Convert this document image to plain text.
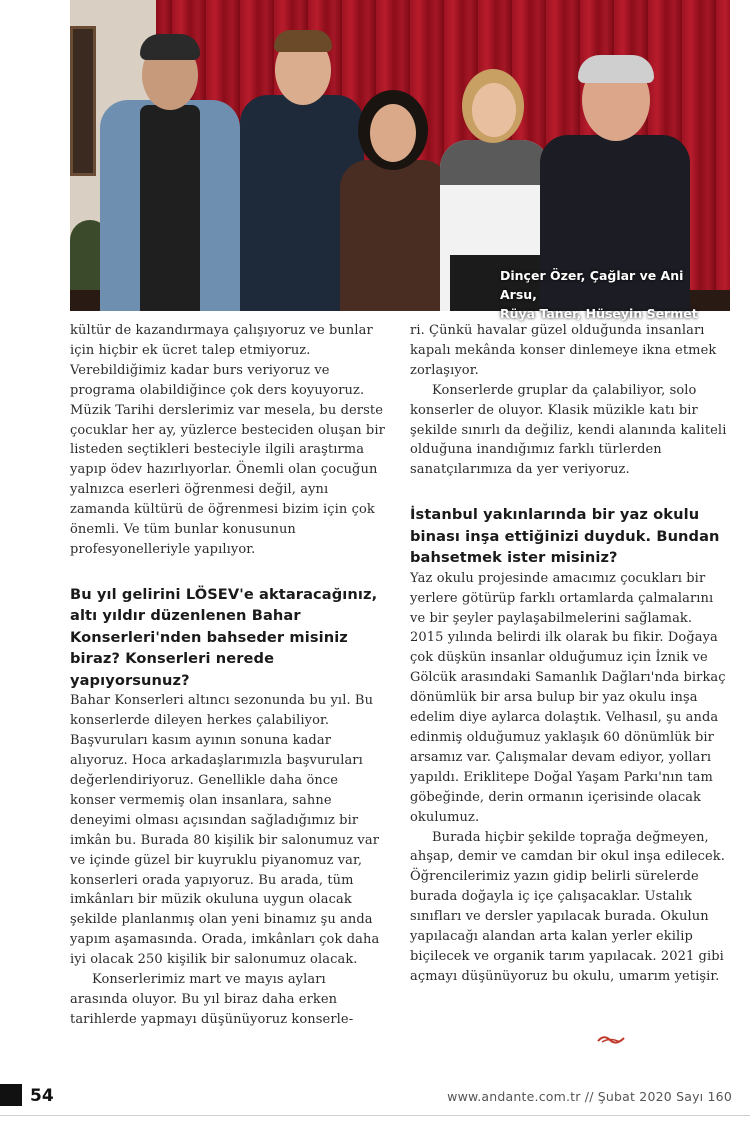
Dinçer Özer, Çağlar ve Ani Arsu,
Rüya Taner, Hüseyin Sermet

kültür de kazandırmaya çalışıyoruz ve bunlar için hiçbir ek ücret talep etmiyoruz. Verebildiğimiz kadar burs veriyoruz ve programa olabildiğince çok ders koyuyoruz. Müzik Tarihi derslerimiz var mesela, bu derste çocuklar her ay, yüzlerce besteciden oluşan bir listeden seçtikleri besteciyle ilgili araştırma yapıp ödev hazırlıyorlar. Önemli olan çocuğun yalnızca eserleri öğrenmesi değil, aynı zamanda kültürü de öğrenmesi bizim için çok önemli. Ve tüm bunlar konusunun profesyonelleriyle yapılıyor.

Bu yıl gelirini LÖSEV'e aktaracağınız, altı yıldır düzenlenen Bahar Konserleri'nden bahseder misiniz biraz? Konserleri nerede yapıyorsunuz?

Bahar Konserleri altıncı sezonunda bu yıl. Bu konserlerde dileyen herkes çalabiliyor. Başvuruları kasım ayının sonuna kadar alıyoruz. Hoca arkadaşlarımızla başvuruları değerlendiriyoruz. Genellikle daha önce konser vermemiş olan insanlara, sahne deneyimi olması açısından sağladığımız bir imkân bu. Burada 80 kişilik bir salonumuz var ve içinde güzel bir kuyruklu piyanomuz var, konserleri orada yapıyoruz. Bu arada, tüm imkânları bir müzik okuluna uygun olacak şekilde planlanmış olan yeni binamız şu anda yapım aşamasında. Orada, imkânları çok daha iyi olacak 250 kişilik bir salonumuz olacak.

Konserlerimiz mart ve mayıs ayları arasında oluyor. Bu yıl biraz daha erken tarihlerde yapmayı düşünüyoruz konserle-

ri. Çünkü havalar güzel olduğunda insanları kapalı mekânda konser dinlemeye ikna etmek zorlaşıyor.

Konserlerde gruplar da çalabiliyor, solo konserler de oluyor. Klasik müzikle katı bir şekilde sınırlı da değiliz, kendi alanında kaliteli olduğuna inandığımız farklı türlerden sanatçılarımıza da yer veriyoruz.

İstanbul yakınlarında bir yaz okulu binası inşa ettiğinizi duyduk. Bundan bahsetmek ister misiniz?

Yaz okulu projesinde amacımız çocukları bir yerlere götürüp farklı ortamlarda çalmalarını ve bir şeyler paylaşabilmelerini sağlamak. 2015 yılında belirdi ilk olarak bu fikir. Doğaya çok düşkün insanlar olduğumuz için İznik ve Gölcük arasındaki Samanlık Dağları'nda birkaç dönümlük bir arsa bulup bir yaz okulu inşa edelim diye aylarca dolaştık. Velhasıl, şu anda edinmiş olduğumuz yaklaşık 60 dönümlük bir arsamız var. Çalışmalar devam ediyor, yolları yapıldı. Eriklitepe Doğal Yaşam Parkı'nın tam göbeğinde, derin ormanın içerisinde olacak okulumuz.

Burada hiçbir şekilde toprağa değmeyen, ahşap, demir ve camdan bir okul inşa edilecek. Öğrencilerimiz yazın gidip belirli sürelerde burada doğayla iç içe çalışacaklar. Ustalık sınıfları ve dersler yapılacak burada. Okulun yapılacağı alandan arta kalan yerler ekilip biçilecek ve organik tarım yapılacak. 2021 gibi açmayı düşünüyoruz bu okulu, umarım yetişir.

54	www.andante.com.tr // Şubat 2020 Sayı 160
